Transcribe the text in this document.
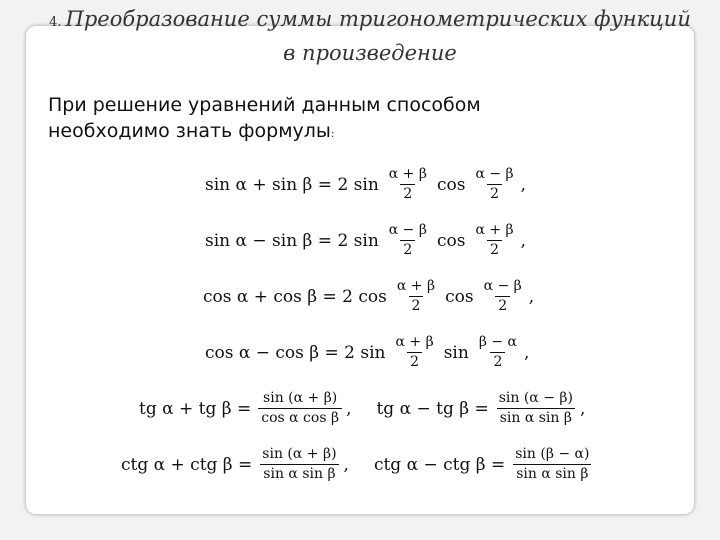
4. Преобразование суммы тригонометрических функций
в произведение
При решение уравнений данным способом
необходимо знать формулы:
sin α + sin β = 2 $\sin \frac{\alpha + \beta}{2}$ $\cos \frac{\alpha - \beta}{2}$ ,
sin α − sin β = 2 $\sin \frac{\alpha - \beta}{2}$ $\cos \frac{\alpha + \beta}{2}$ ,
cos α + cos β = 2 $\cos \frac{\alpha + \beta}{2}$ $\cos \frac{\alpha - \beta}{2}$ ,
cos α − cos β = 2 $\sin \frac{\alpha + \beta}{2}$ $\sin \frac{\beta - \alpha}{2}$ ,
tg α + tg $\beta = \frac{\sin (\alpha + \beta)}{\text{cos α cos β}}$ , tg α − tg $\beta = \frac{\sin (\alpha - \beta)}{\text{sin α sin β}}$ ,
ctg α + ctg $\beta = \frac{\sin (\alpha + \beta)}{\text{sin α sin β}}$ , ctg α − ctg $\beta = \frac{\sin (\beta - \alpha)}{\text{sin α sin β}}$
